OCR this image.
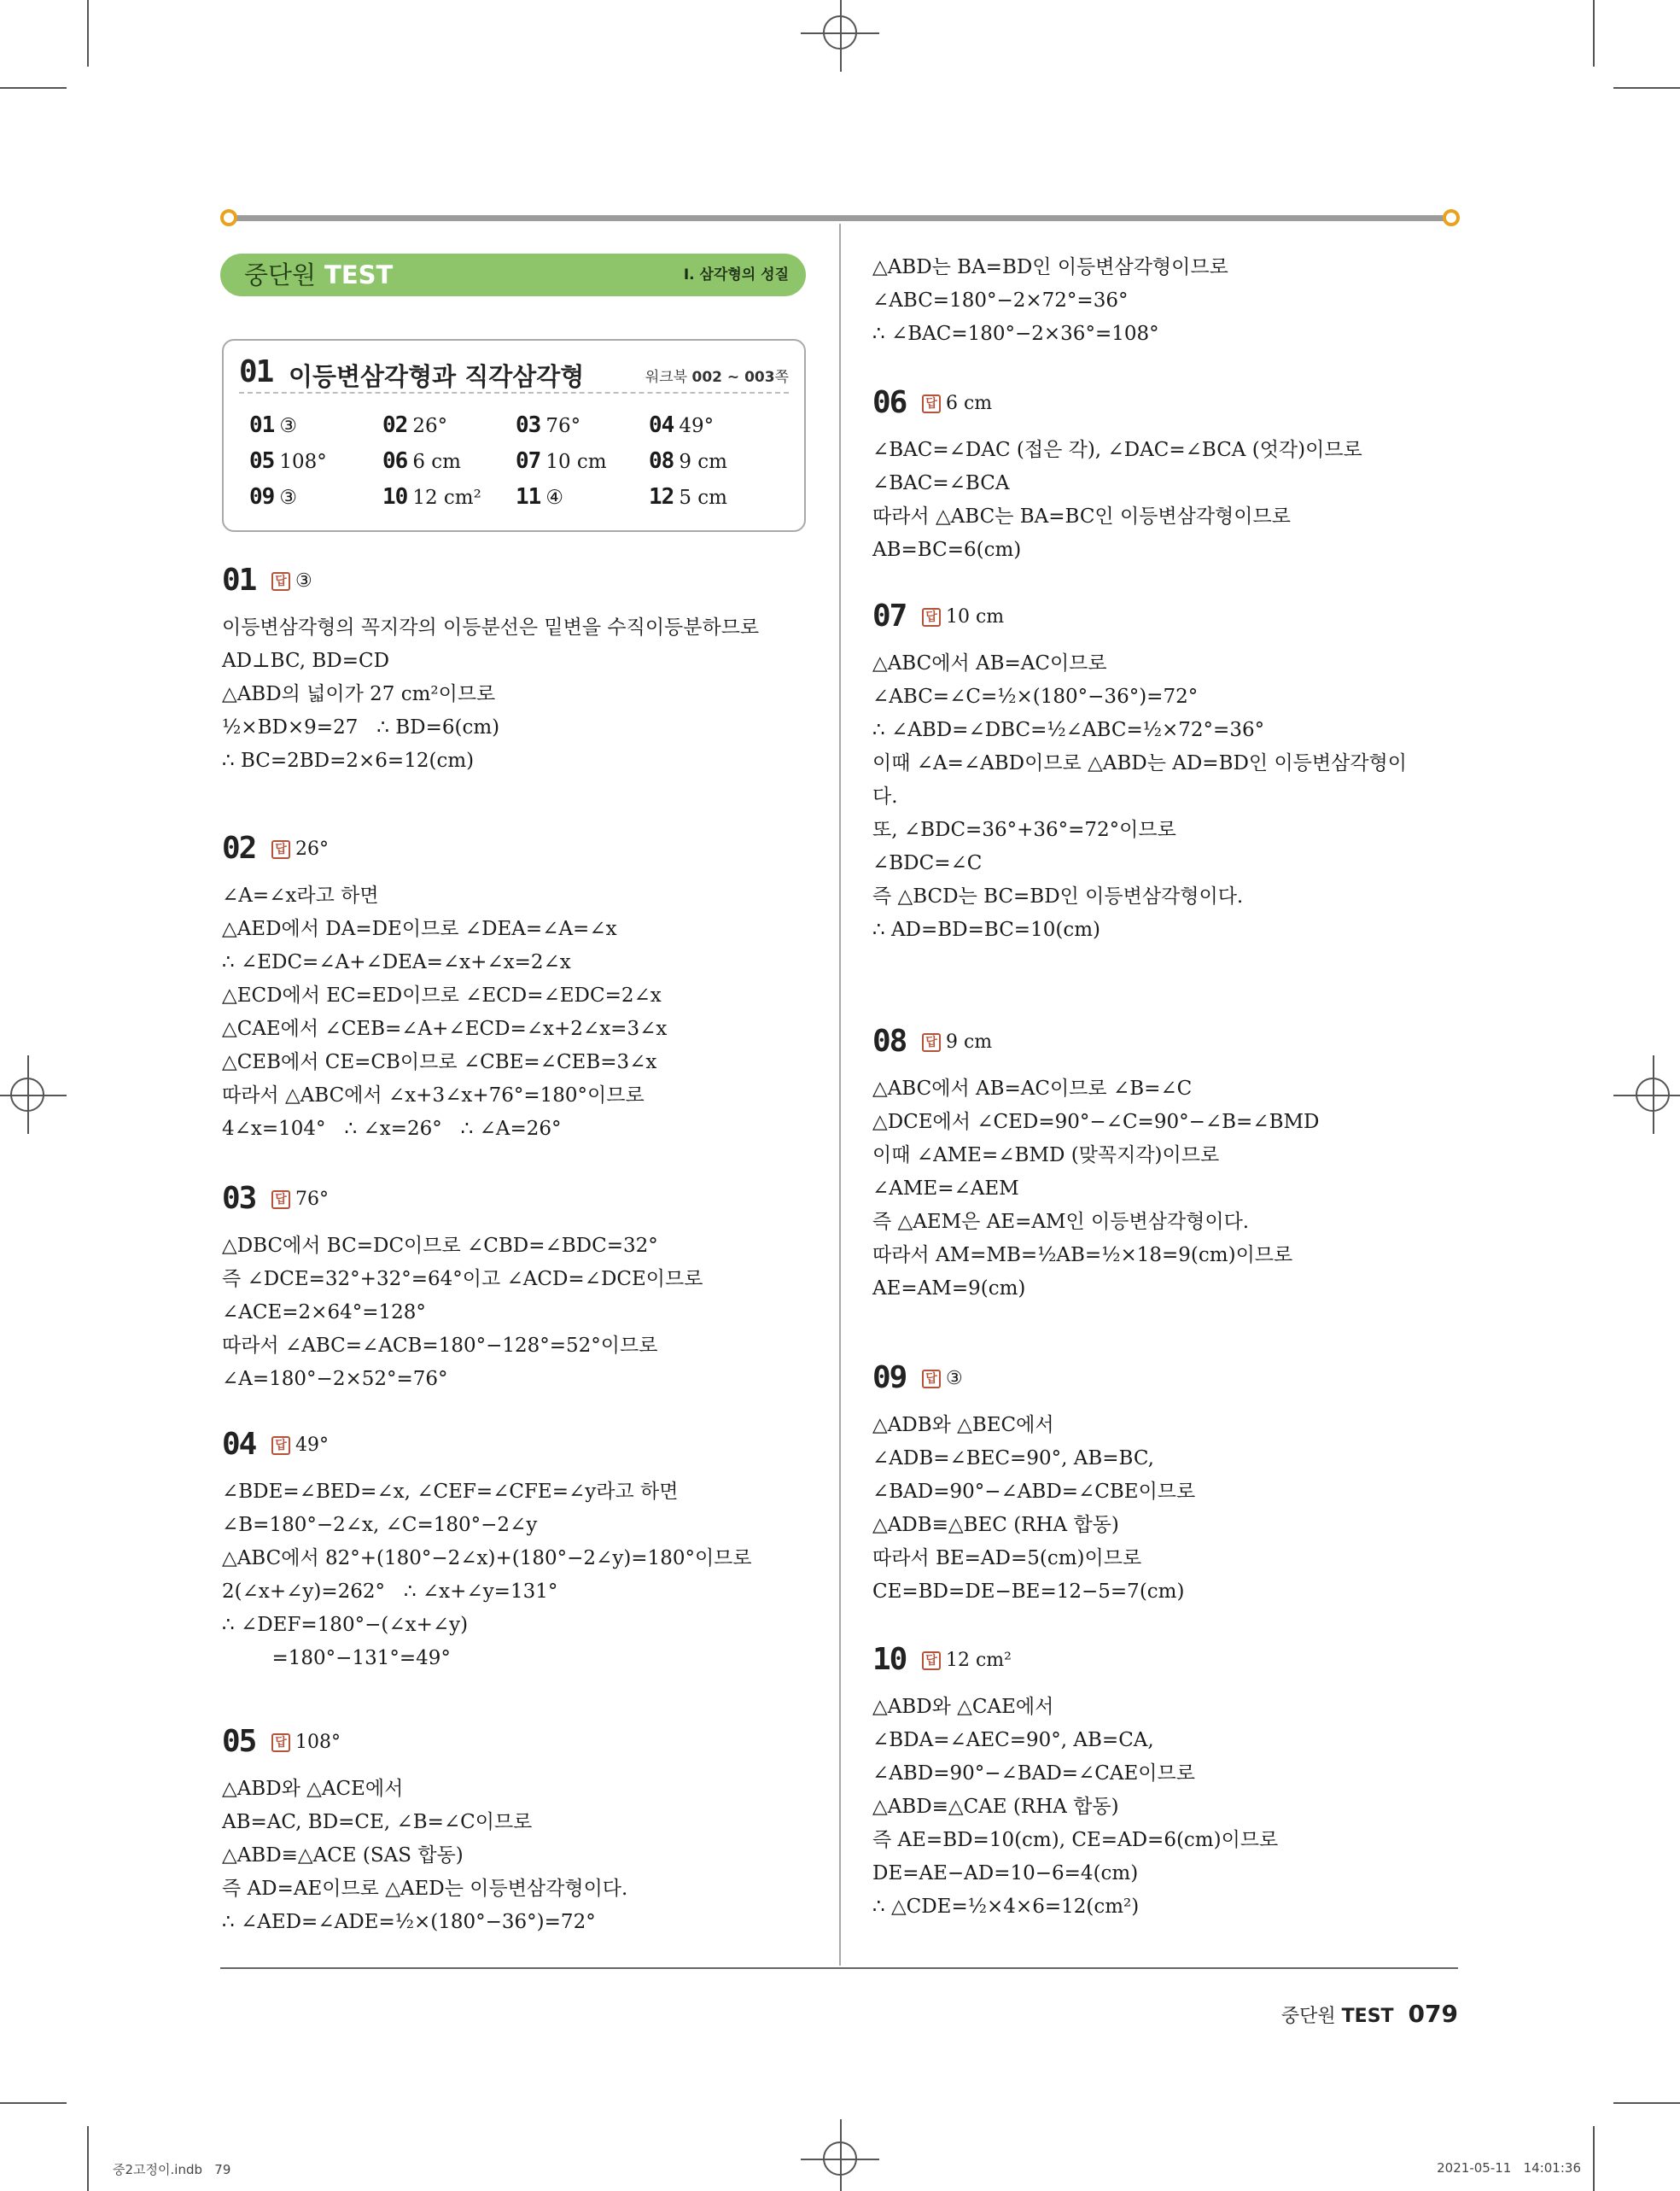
중단원 TEST	I. 삼각형의 성질
01 이등변삼각형과 직각삼각형	워크북 002 ~ 003쪽
01 ③	02 26°	03 76°	04 49°
05 108°	06 6 cm 07 10 cm 08 9 cm
09 ③	10 12 cm² 11 ④	12 5 cm
01	답 ③
이등변삼각형의 꼭지각의 이등분선은 밑변을 수직이등분하므로
AD⊥BC, BD=CD
△ABD의 넓이가 27 cm²이므로
½×BD×9=27   ∴ BD=6(cm)
∴ BC=2BD=2×6=12(cm)
02	답 26°
∠A=∠x라고 하면
△AED에서 DA=DE이므로 ∠DEA=∠A=∠x
∴ ∠EDC=∠A+∠DEA=∠x+∠x=2∠x
△ECD에서 EC=ED이므로 ∠ECD=∠EDC=2∠x
△CAE에서 ∠CEB=∠A+∠ECD=∠x+2∠x=3∠x
△CEB에서 CE=CB이므로 ∠CBE=∠CEB=3∠x
따라서 △ABC에서 ∠x+3∠x+76°=180°이므로
4∠x=104°   ∴ ∠x=26°   ∴ ∠A=26°
03	답 76°
△DBC에서 BC=DC이므로 ∠CBD=∠BDC=32°
즉 ∠DCE=32°+32°=64°이고 ∠ACD=∠DCE이므로
∠ACE=2×64°=128°
따라서 ∠ABC=∠ACB=180°−128°=52°이므로
∠A=180°−2×52°=76°
04	답 49°
∠BDE=∠BED=∠x, ∠CEF=∠CFE=∠y라고 하면
∠B=180°−2∠x, ∠C=180°−2∠y
△ABC에서 82°+(180°−2∠x)+(180°−2∠y)=180°이므로
2(∠x+∠y)=262°   ∴ ∠x+∠y=131°
∴ ∠DEF=180°−(∠x+∠y)
=180°−131°=49°
05	답 108°
△ABD와 △ACE에서
AB=AC, BD=CE, ∠B=∠C이므로
△ABD≡△ACE (SAS 합동)
즉 AD=AE이므로 △AED는 이등변삼각형이다.
∴ ∠AED=∠ADE=½×(180°−36°)=72°
△ABD는 BA=BD인 이등변삼각형이므로
∠ABC=180°−2×72°=36°
∴ ∠BAC=180°−2×36°=108°
06	답 6 cm
∠BAC=∠DAC (접은 각), ∠DAC=∠BCA (엇각)이므로
∠BAC=∠BCA
따라서 △ABC는 BA=BC인 이등변삼각형이므로
AB=BC=6(cm)
07	답 10 cm
△ABC에서 AB=AC이므로
∠ABC=∠C=½×(180°−36°)=72°
∴ ∠ABD=∠DBC=½∠ABC=½×72°=36°
이때 ∠A=∠ABD이므로 △ABD는 AD=BD인 이등변삼각형이
다.
또, ∠BDC=36°+36°=72°이므로
∠BDC=∠C
즉 △BCD는 BC=BD인 이등변삼각형이다.
∴ AD=BD=BC=10(cm)
08	답 9 cm
△ABC에서 AB=AC이므로 ∠B=∠C
△DCE에서 ∠CED=90°−∠C=90°−∠B=∠BMD
이때 ∠AME=∠BMD (맞꼭지각)이므로
∠AME=∠AEM
즉 △AEM은 AE=AM인 이등변삼각형이다.
따라서 AM=MB=½AB=½×18=9(cm)이므로
AE=AM=9(cm)
09	답 ③
△ADB와 △BEC에서
∠ADB=∠BEC=90°, AB=BC,
∠BAD=90°−∠ABD=∠CBE이므로
△ADB≡△BEC (RHA 합동)
따라서 BE=AD=5(cm)이므로
CE=BD=DE−BE=12−5=7(cm)
10	답 12 cm²
△ABD와 △CAE에서
∠BDA=∠AEC=90°, AB=CA,
∠ABD=90°−∠BAD=∠CAE이므로
△ABD≡△CAE (RHA 합동)
즉 AE=BD=10(cm), CE=AD=6(cm)이므로
DE=AE−AD=10−6=4(cm)
∴ △CDE=½×4×6=12(cm²)
중단원 TEST 079
중2고정이.indb   79	2021-05-11   14:01:36
